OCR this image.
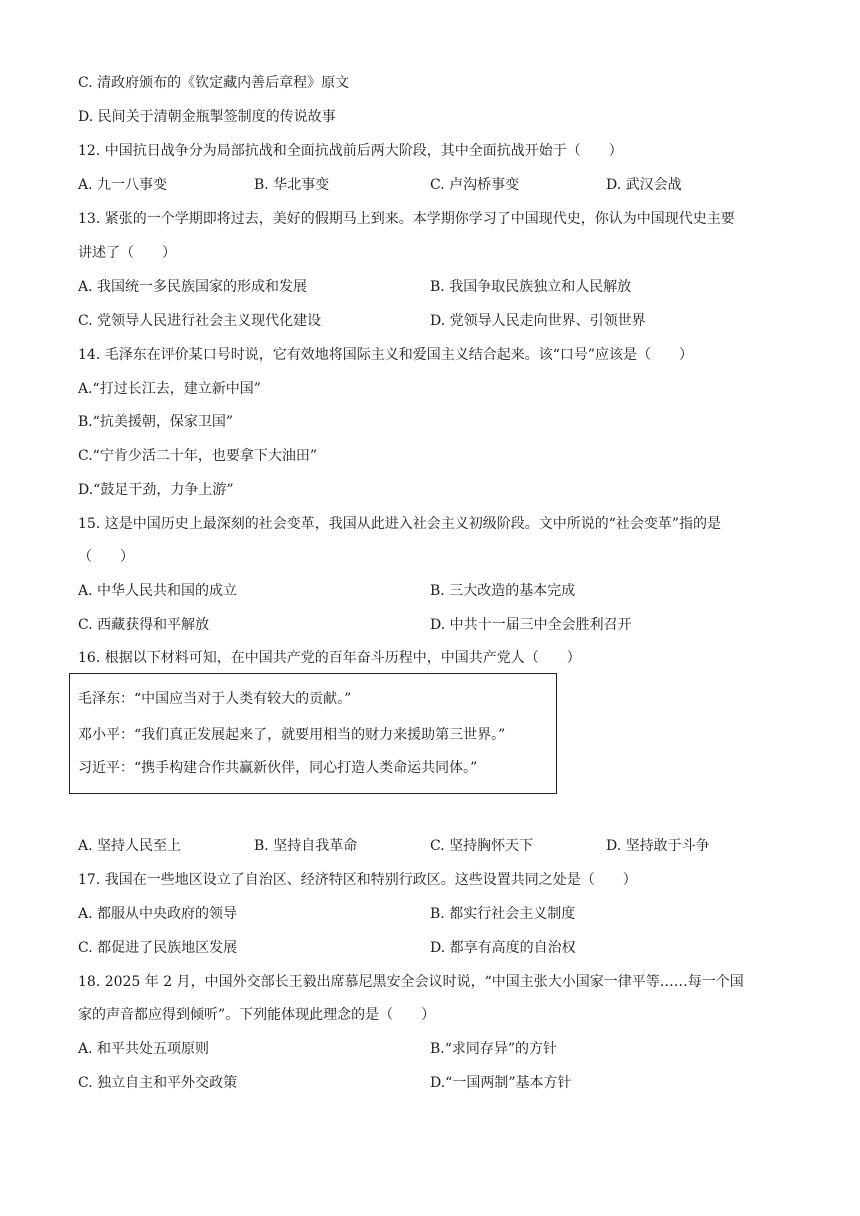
C. 清政府颁布的《钦定藏内善后章程》原文
D. 民间关于清朝金瓶掣签制度的传说故事
12. 中国抗日战争分为局部抗战和全面抗战前后两大阶段，其中全面抗战开始于（　　）
A. 九一八事变	B. 华北事变	C. 卢沟桥事变	D. 武汉会战
13. 紧张的一个学期即将过去，美好的假期马上到来。本学期你学习了中国现代史，你认为中国现代史主要
讲述了（　　）
A. 我国统一多民族国家的形成和发展	B. 我国争取民族独立和人民解放
C. 党领导人民进行社会主义现代化建设	D. 党领导人民走向世界、引领世界
14. 毛泽东在评价某口号时说，它有效地将国际主义和爱国主义结合起来。该“口号”应该是（　　）
A.“打过长江去，建立新中国”
B.“抗美援朝，保家卫国”
C.“宁肯少活二十年，也要拿下大油田”
D.“鼓足干劲，力争上游”
15. 这是中国历史上最深刻的社会变革，我国从此进入社会主义初级阶段。文中所说的“社会变革”指的是
（　　）
A. 中华人民共和国的成立	B. 三大改造的基本完成
C. 西藏获得和平解放	D. 中共十一届三中全会胜利召开
16. 根据以下材料可知，在中国共产党的百年奋斗历程中，中国共产党人（　　）
毛泽东：“中国应当对于人类有较大的贡献。”
邓小平：“我们真正发展起来了，就要用相当的财力来援助第三世界。”
习近平：“携手构建合作共赢新伙伴，同心打造人类命运共同体。”
A. 坚持人民至上	B. 坚持自我革命	C. 坚持胸怀天下	D. 坚持敢于斗争
17. 我国在一些地区设立了自治区、经济特区和特别行政区。这些设置共同之处是（　　）
A. 都服从中央政府的领导	B. 都实行社会主义制度
C. 都促进了民族地区发展	D. 都享有高度的自治权
18. 2025 年 2 月，中国外交部长王毅出席慕尼黑安全会议时说，“中国主张大小国家一律平等……每一个国
家的声音都应得到倾听”。下列能体现此理念的是（　　）
A. 和平共处五项原则	B.“求同存异”的方针
C. 独立自主和平外交政策	D.“一国两制”基本方针
